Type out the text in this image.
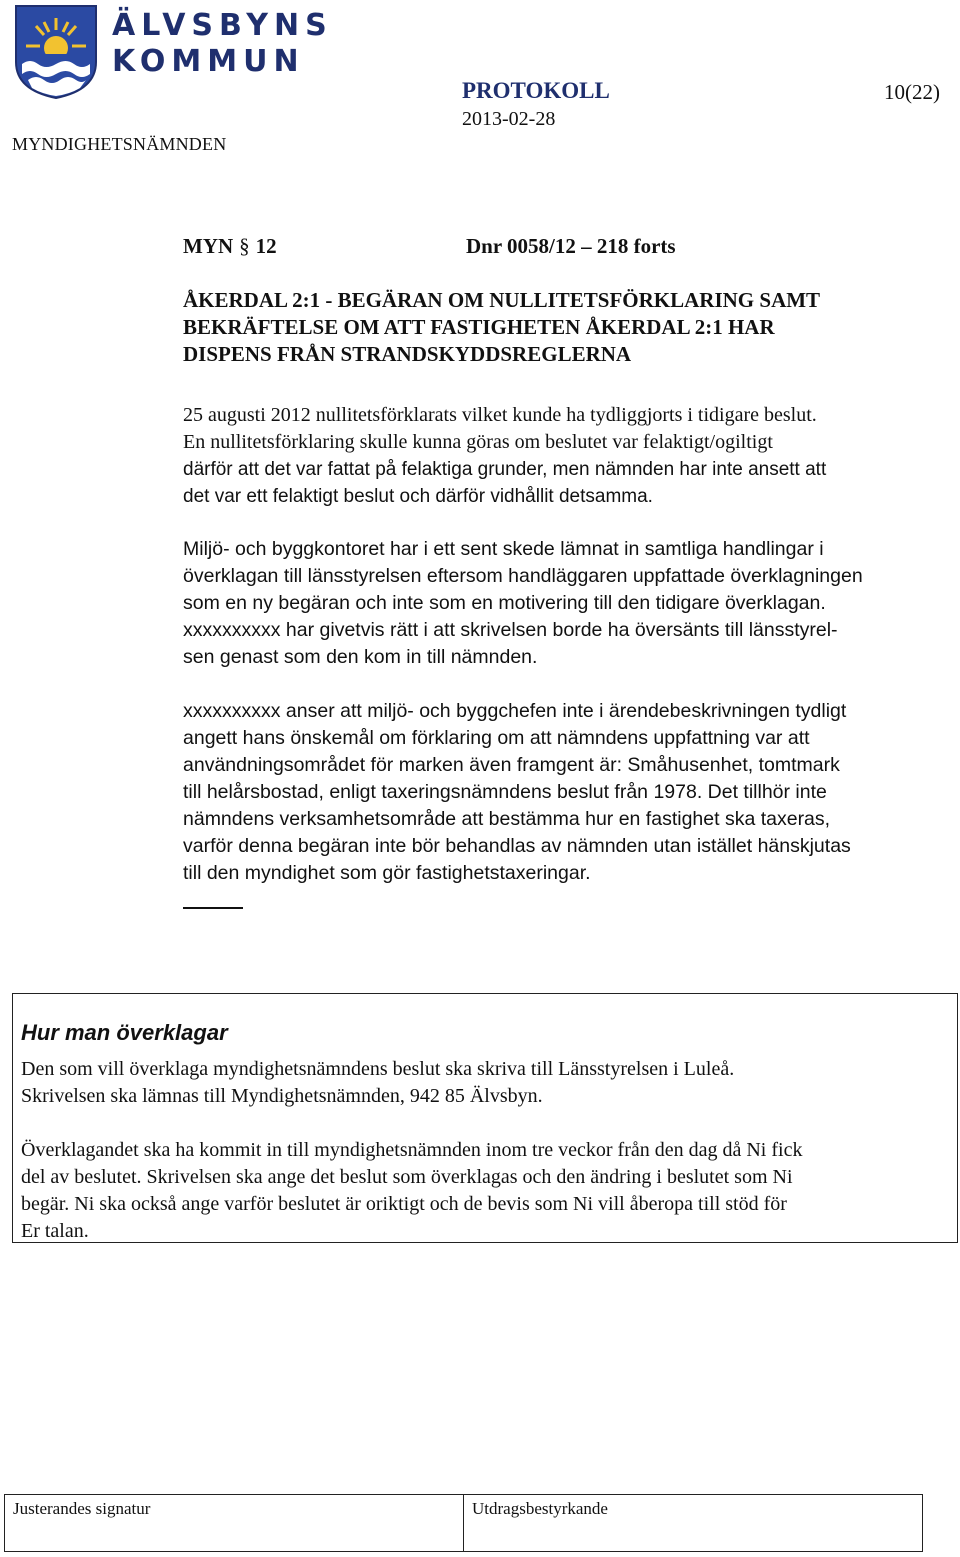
ÄLVSBYNS
KOMMUN
PROTOKOLL	10(22)
2013-02-28
MYNDIGHETSNÄMNDEN
MYN § 12	Dnr 0058/12 – 218 forts
ÅKERDAL 2:1 - BEGÄRAN OM NULLITETSFÖRKLARING SAMT
BEKRÄFTELSE OM ATT FASTIGHETEN ÅKERDAL 2:1 HAR
DISPENS FRÅN STRANDSKYDDSREGLERNA

25 augusti 2012 nullitetsförklarats vilket kunde ha tydliggjorts i tidigare beslut.

En nullitetsförklaring skulle kunna göras om beslutet var felaktigt/ogiltigt

därför att det var fattat på felaktiga grunder, men nämnden har inte ansett att

det var ett felaktigt beslut och därför vidhållit detsamma.

Miljö- och byggkontoret har i ett sent skede lämnat in samtliga handlingar i

överklagan till länsstyrelsen eftersom handläggaren uppfattade överklagningen

som en ny begäran och inte som en motivering till den tidigare överklagan.

xxxxxxxxxx har givetvis rätt i att skrivelsen borde ha översänts till länsstyrel-

sen genast som den kom in till nämnden.

xxxxxxxxxx anser att miljö- och byggchefen inte i ärendebeskrivningen tydligt

angett hans önskemål om förklaring om att nämndens uppfattning var att

användningsområdet för marken även framgent är: Småhusenhet, tomtmark

till helårsbostad, enligt taxeringsnämndens beslut från 1978. Det tillhör inte

nämndens verksamhetsområde att bestämma hur en fastighet ska taxeras,

varför denna begäran inte bör behandlas av nämnden utan istället hänskjutas

till den myndighet som gör fastighetstaxeringar.

Hur man överklagar

Den som vill överklaga myndighetsnämndens beslut ska skriva till Länsstyrelsen i Luleå.

Skrivelsen ska lämnas till Myndighetsnämnden, 942 85 Älvsbyn.

Överklagandet ska ha kommit in till myndighetsnämnden inom tre veckor från den dag då Ni fick

del av beslutet. Skrivelsen ska ange det beslut som överklagas och den ändring i beslutet som Ni

begär. Ni ska också ange varför beslutet är oriktigt och de bevis som Ni vill åberopa till stöd för

Er talan.

Justerandes signatur	Utdragsbestyrkande
